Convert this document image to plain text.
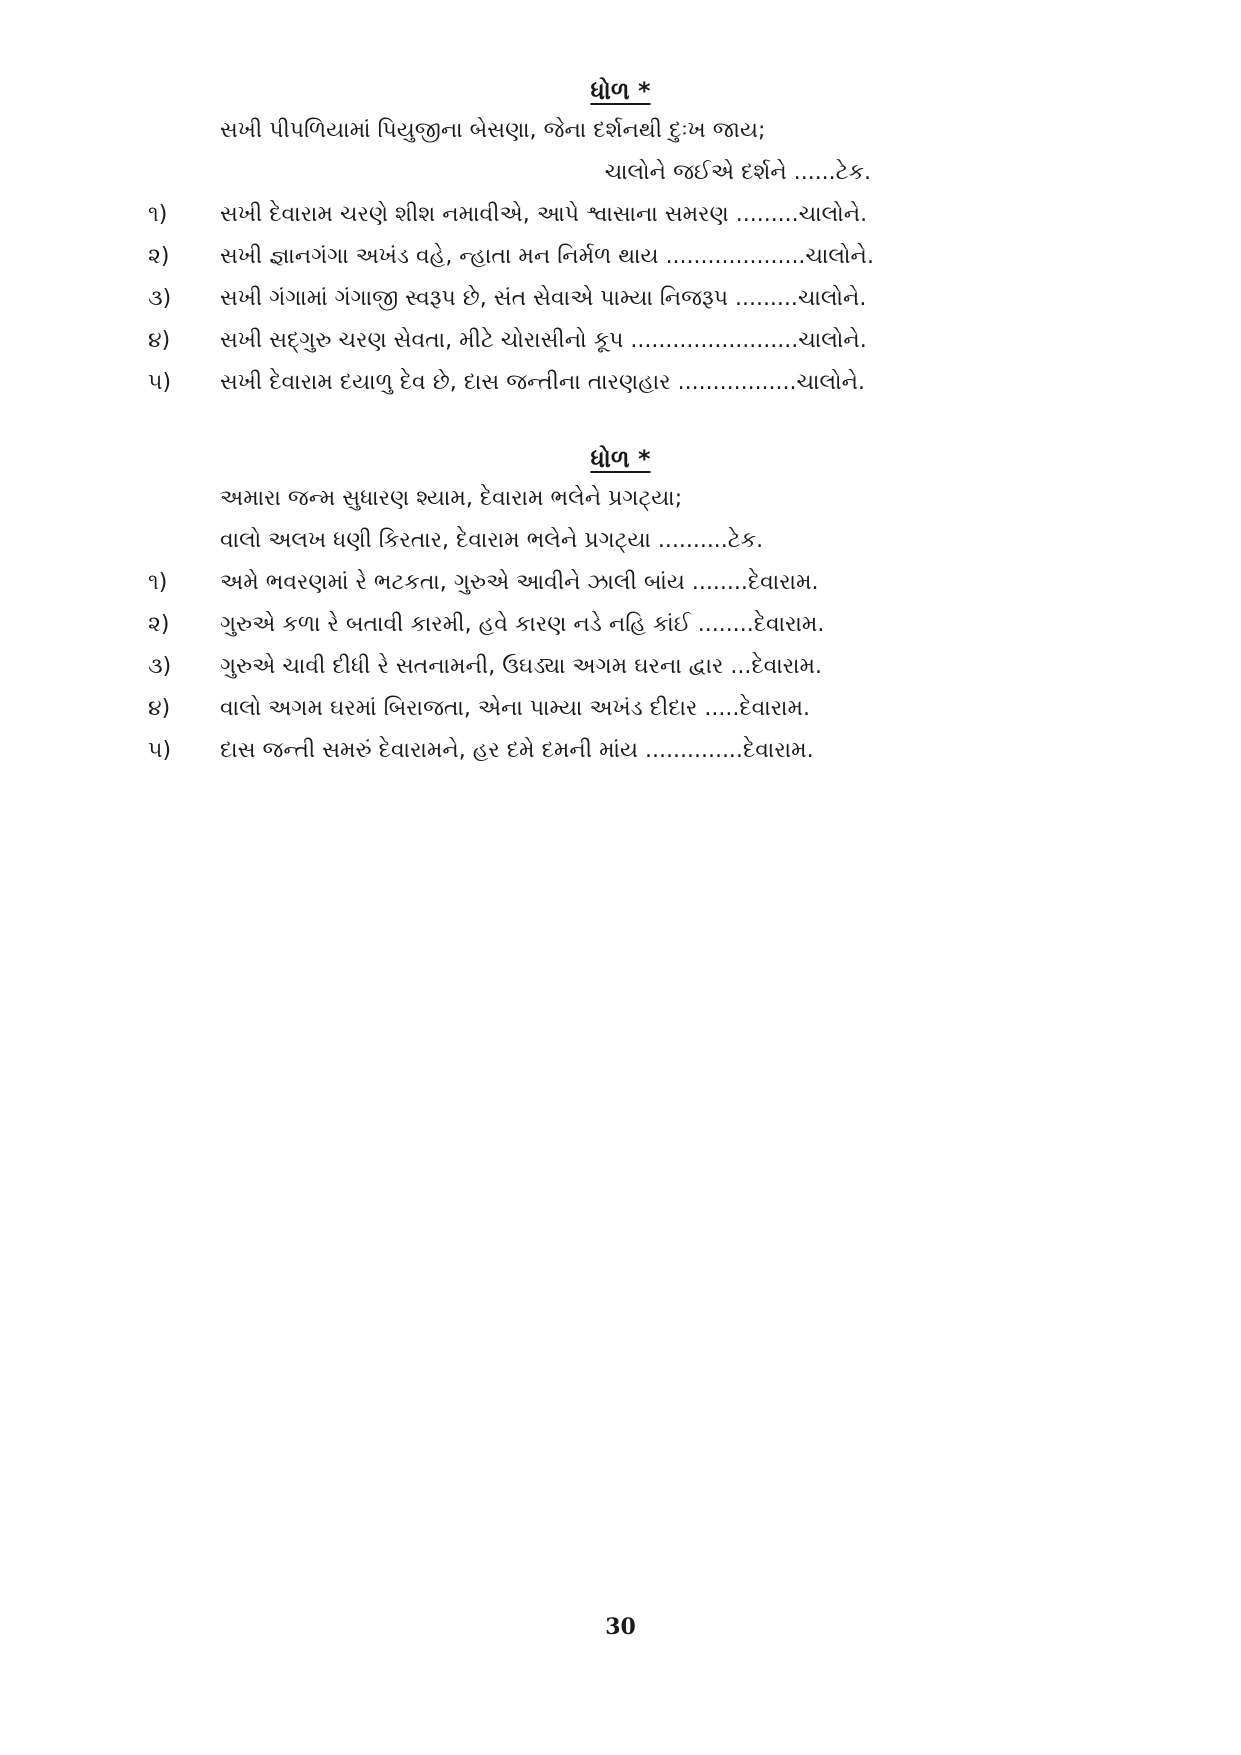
ધોળ *
સખી પીપળિયામાં પિયુજીના બેસણા, જેના દર્શનથી દુઃખ જાય;
ચાલોને જઈએ દર્શને ......ટેક.
૧) સખી દેવારામ ચરણે શીશ નમાવીએ, આપે શ્વાસાના સમરણ .........ચાલોને.
૨) સખી જ્ઞાનગંગા અખંડ વહે, ન્હાતા મન નિર્મળ થાય ....................ચાલોને.
૩) સખી ગંગામાં ગંગાજી સ્વરૂપ છે, સંત સેવાએ પામ્યા નિજરૂપ .........ચાલોને.
૪) સખી સદ્‌ગુરુ ચરણ સેવતા, મીટે ચોરાસીનો કૂપ ........................ચાલોને.
૫) સખી દેવારામ દયાળુ દેવ છે, દાસ જન્તીના તારણહાર .................ચાલોને.
ધોળ *
અમારા જન્મ સુધારણ શ્યામ, દેવારામ ભલેને પ્રગટ્યા;
વાલો અલખ ધણી કિરતાર, દેવારામ ભલેને પ્રગટ્યા ..........ટેક.
૧) અમે ભવરણમાં રે ભટકતા, ગુરુએ આવીને ઝાલી બાંય ........દેવારામ.
૨) ગુરુએ કળા રે બતાવી કારમી, હવે કારણ નડે નહિ કાંઈ ........દેવારામ.
૩) ગુરુએ ચાવી દીધી રે સતનામની, ઉઘડ્યા અગમ ઘરના દ્વાર ...દેવારામ.
૪) વાલો અગમ ઘરમાં બિરાજતા, એના પામ્યા અખંડ દીદાર .....દેવારામ.
૫) દાસ જન્તી સમરું દેવારામને, હર દમે દમની માંય ..............દેવારામ.
30
